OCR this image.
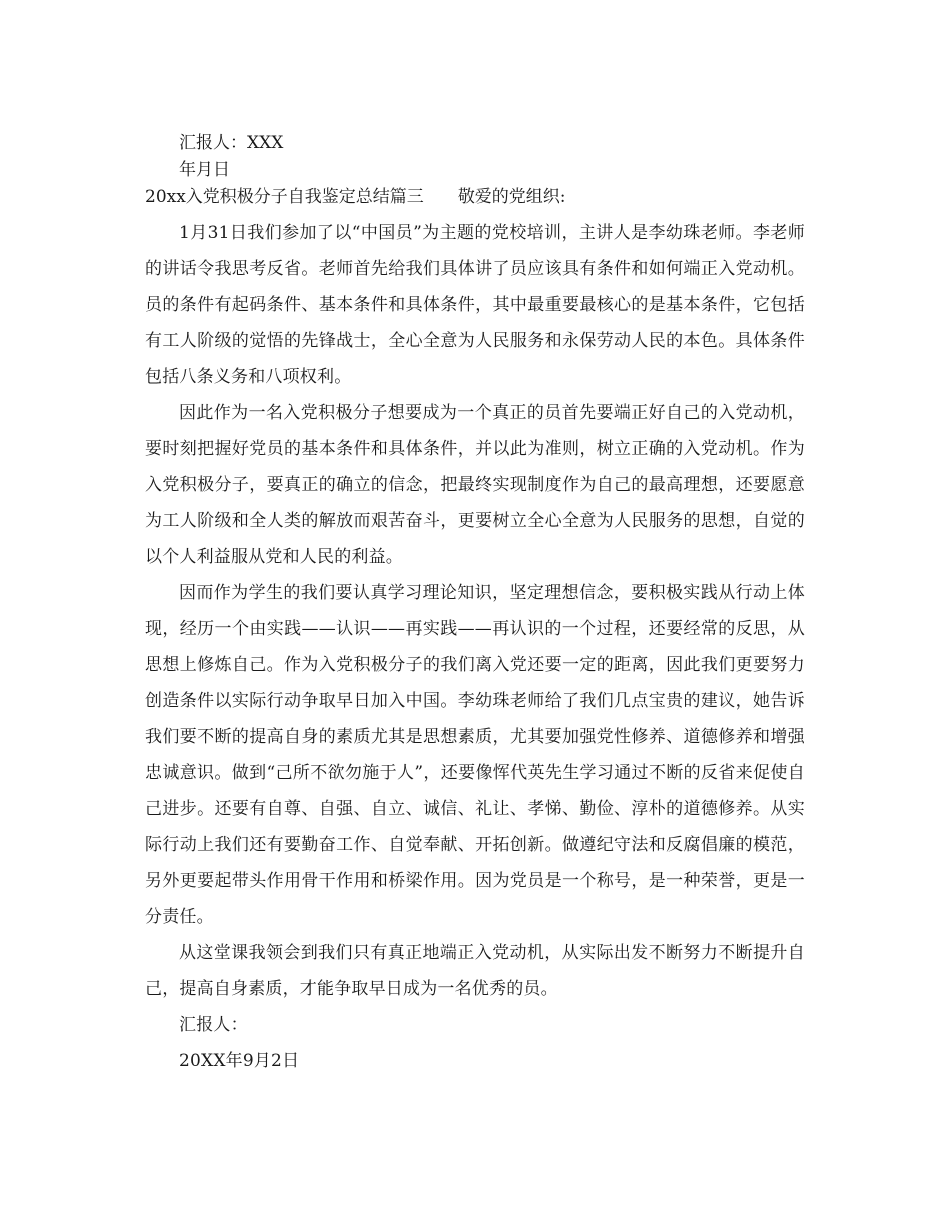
汇报人：XXX

年月日

20xx入党积极分子自我鉴定总结篇三 敬爱的党组织:

1月31日我们参加了以“中国员”为主题的党校培训，主讲人是李幼珠老师。李老师的讲话令我思考反省。老师首先给我们具体讲了员应该具有条件和如何端正入党动机。员的条件有起码条件、基本条件和具体条件，其中最重要最核心的是基本条件，它包括有工人阶级的觉悟的先锋战士，全心全意为人民服务和永保劳动人民的本色。具体条件包括八条义务和八项权利。

因此作为一名入党积极分子想要成为一个真正的员首先要端正好自己的入党动机，要时刻把握好党员的基本条件和具体条件，并以此为准则，树立正确的入党动机。作为入党积极分子，要真正的确立的信念，把最终实现制度作为自己的最高理想，还要愿意为工人阶级和全人类的解放而艰苦奋斗，更要树立全心全意为人民服务的思想，自觉的以个人利益服从党和人民的利益。

因而作为学生的我们要认真学习理论知识，坚定理想信念，要积极实践从行动上体现，经历一个由实践——认识——再实践——再认识的一个过程，还要经常的反思，从思想上修炼自己。作为入党积极分子的我们离入党还要一定的距离，因此我们更要努力创造条件以实际行动争取早日加入中国。李幼珠老师给了我们几点宝贵的建议，她告诉我们要不断的提高自身的素质尤其是思想素质，尤其要加强党性修养、道德修养和增强忠诚意识。做到“己所不欲勿施于人”，还要像恽代英先生学习通过不断的反省来促使自己进步。还要有自尊、自强、自立、诚信、礼让、孝悌、勤俭、淳朴的道德修养。从实际行动上我们还有要勤奋工作、自觉奉献、开拓创新。做遵纪守法和反腐倡廉的模范，另外更要起带头作用骨干作用和桥梁作用。因为党员是一个称号，是一种荣誉，更是一分责任。

从这堂课我领会到我们只有真正地端正入党动机，从实际出发不断努力不断提升自己，提高自身素质，才能争取早日成为一名优秀的员。

汇报人：

20XX年9月2日
